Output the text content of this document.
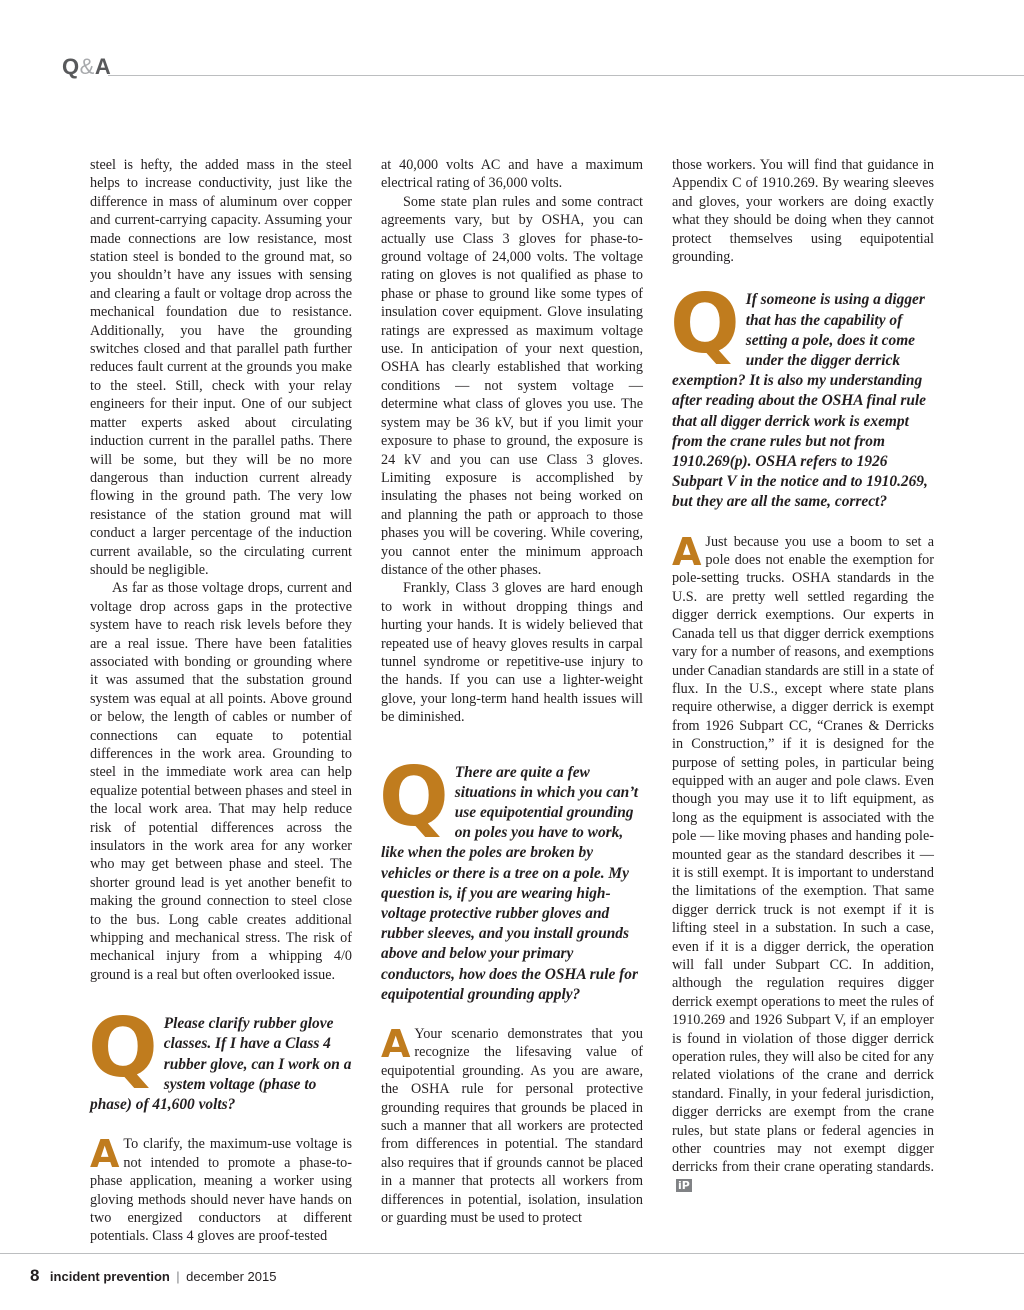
Q&A

steel is hefty, the added mass in the steel helps to increase conductivity, just like the difference in mass of aluminum over copper and current-carrying capacity. Assuming your made connections are low resistance, most station steel is bonded to the ground mat, so you shouldn’t have any issues with sensing and clearing a fault or voltage drop across the mechanical foundation due to resistance. Additionally, you have the grounding switches closed and that parallel path further reduces fault current at the grounds you make to the steel. Still, check with your relay engineers for their input. One of our subject matter experts asked about circulating induction current in the parallel paths. There will be some, but they will be no more dangerous than induction current already flowing in the ground path. The very low resistance of the station ground mat will conduct a larger percentage of the induction current available, so the circulating current should be negligible.

As far as those voltage drops, current and voltage drop across gaps in the protective system have to reach risk levels before they are a real issue. There have been fatalities associated with bonding or grounding where it was assumed that the substation ground system was equal at all points. Above ground or below, the length of cables or number of connections can equate to potential differences in the work area. Grounding to steel in the immediate work area can help equalize potential between phases and steel in the local work area. That may help reduce risk of potential differences across the insulators in the work area for any worker who may get between phase and steel. The shorter ground lead is yet another benefit to making the ground connection to steel close to the bus. Long cable creates additional whipping and mechanical stress. The risk of mechanical injury from a whipping 4/0 ground is a real but often overlooked issue.

Q Please clarify rubber glove classes. If I have a Class 4 rubber glove, can I work on a system voltage (phase to phase) of 41,600 volts?

A To clarify, the maximum-use voltage is not intended to promote a phase-to-phase application, meaning a worker using gloving methods should never have hands on two energized conductors at different potentials. Class 4 gloves are proof-tested

at 40,000 volts AC and have a maximum electrical rating of 36,000 volts.

Some state plan rules and some contract agreements vary, but by OSHA, you can actually use Class 3 gloves for phase-to-ground voltage of 24,000 volts. The voltage rating on gloves is not qualified as phase to phase or phase to ground like some types of insulation cover equipment. Glove insulating ratings are expressed as maximum voltage use. In anticipation of your next question, OSHA has clearly established that working conditions — not system voltage — determine what class of gloves you use. The system may be 36 kV, but if you limit your exposure to phase to ground, the exposure is 24 kV and you can use Class 3 gloves. Limiting exposure is accomplished by insulating the phases not being worked on and planning the path or approach to those phases you will be covering. While covering, you cannot enter the minimum approach distance of the other phases.

Frankly, Class 3 gloves are hard enough to work in without dropping things and hurting your hands. It is widely believed that repeated use of heavy gloves results in carpal tunnel syndrome or repetitive-use injury to the hands. If you can use a lighter-weight glove, your long-term hand health issues will be diminished.

Q There are quite a few situations in which you can’t use equipotential grounding on poles you have to work, like when the poles are broken by vehicles or there is a tree on a pole. My question is, if you are wearing high-voltage protective rubber gloves and rubber sleeves, and you install grounds above and below your primary conductors, how does the OSHA rule for equipotential grounding apply?

A Your scenario demonstrates that you recognize the lifesaving value of equipotential grounding. As you are aware, the OSHA rule for personal protective grounding requires that grounds be placed in such a manner that all workers are protected from differences in potential. The standard also requires that if grounds cannot be placed in a manner that protects all workers from differences in potential, isolation, insulation or guarding must be used to protect

those workers. You will find that guidance in Appendix C of 1910.269. By wearing sleeves and gloves, your workers are doing exactly what they should be doing when they cannot protect themselves using equipotential grounding.

Q If someone is using a digger that has the capability of setting a pole, does it come under the digger derrick exemption? It is also my understanding after reading about the OSHA final rule that all digger derrick work is exempt from the crane rules but not from 1910.269(p). OSHA refers to 1926 Subpart V in the notice and to 1910.269, but they are all the same, correct?

A Just because you use a boom to set a pole does not enable the exemption for pole-setting trucks. OSHA standards in the U.S. are pretty well settled regarding the digger derrick exemptions. Our experts in Canada tell us that digger derrick exemptions vary for a number of reasons, and exemptions under Canadian standards are still in a state of flux. In the U.S., except where state plans require otherwise, a digger derrick is exempt from 1926 Subpart CC, “Cranes & Derricks in Construction,” if it is designed for the purpose of setting poles, in particular being equipped with an auger and pole claws. Even though you may use it to lift equipment, as long as the equipment is associated with the pole — like moving phases and handing pole-mounted gear as the standard describes it — it is still exempt. It is important to understand the limitations of the exemption. That same digger derrick truck is not exempt if it is lifting steel in a substation. In such a case, even if it is a digger derrick, the operation will fall under Subpart CC. In addition, although the regulation requires digger derrick exempt operations to meet the rules of 1910.269 and 1926 Subpart V, if an employer is found in violation of those digger derrick operation rules, they will also be cited for any related violations of the crane and derrick standard. Finally, in your federal jurisdiction, digger derricks are exempt from the crane rules, but state plans or federal agencies in other countries may not exempt digger derricks from their crane operating standards.iP

8 incident prevention | december 2015
